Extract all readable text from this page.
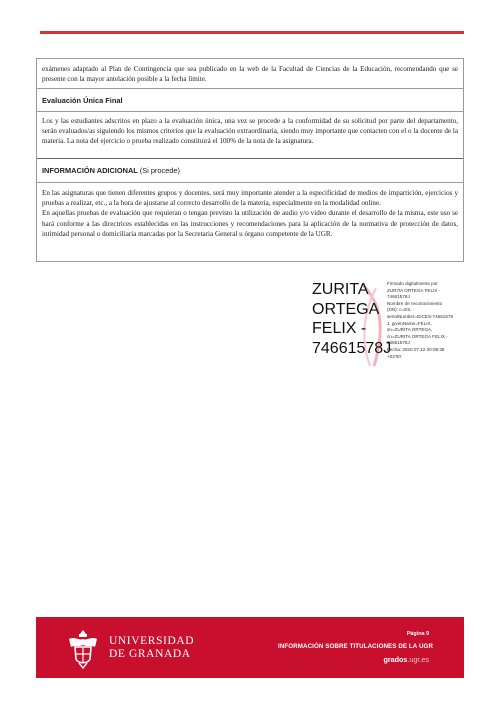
exámenes adaptado al Plan de Contingencia que sea publicado en la web de la Facultad de Ciencias de la Educación, recomendando que se presente con la mayor antelación posible a la fecha límite.
Evaluación Única Final
Los y las estudiantes adscritos en plazo a la evaluación única, una vez se procede a la conformidad de su solicitud por parte del departamento, serán evaluados/as siguiendo los mismos criterios que la evaluación extraordinaria, siendo muy importante que contacten con el o la docente de la materia. La nota del ejercicio o prueba realizado constituirá el 100% de la nota de la asignatura.
INFORMACIÓN ADICIONAL (Si procede)
En las asignaturas que tienen diferentes grupos y docentes, será muy importante atender a la especificidad de medios de impartición, ejercicios y pruebas a realizar, etc., a la hora de ajustarse al correcto desarrollo de la materia, especialmente en la modalidad online.
En aquellas pruebas de evaluación que requieran o tengan previsto la utilización de audio y/o video durante el desarrollo de la misma, este uso se hará conforme a las directrices establecidas en las instrucciones y recomendaciones para la aplicación de la normativa de protección de datos, intimidad personal o domiciliaria marcadas por la Secretaria General u órgano competente de la UGR.
ZURITA
ORTEGA
FELIX -
74661578J
Firmado digitalmente por
ZURITA ORTEGA FELIX -
74661578J
Nombre de reconocimiento
(DN): c=ES,
serialNumber=IDCES-74661578
J, givenName=FELIX,
sn=ZURITA ORTEGA,
cn=ZURITA ORTEGA FELIX -
74661578J
Fecha: 2020.07.12 00:08:38
+02'00'
UNIVERSIDAD
DE GRANADA
Página 9
INFORMACIÓN SOBRE TITULACIONES DE LA UGR
grados.ugr.es
